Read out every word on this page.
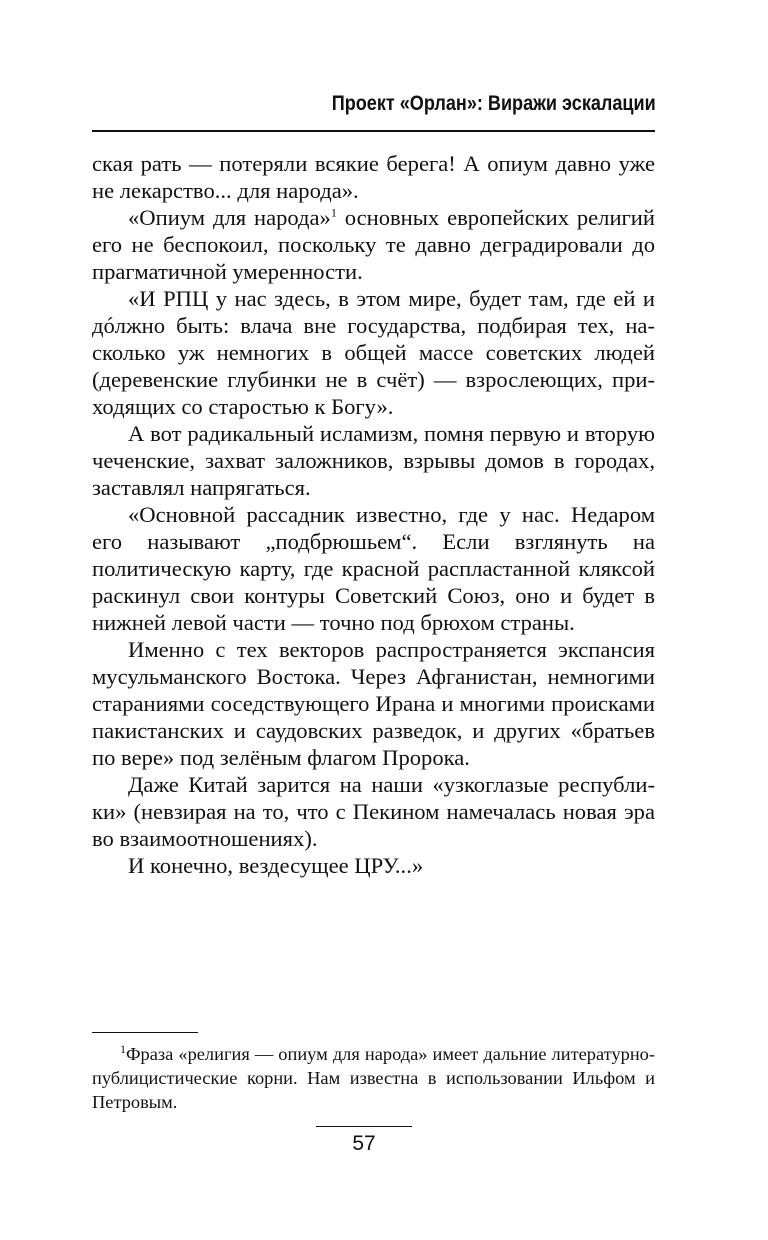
Проект «Орлан»: Виражи эскалации

ская рать — потеряли всякие берега! А опиум давно уже не лекарство... для народа».

«Опиум для народа»$^1$ основных европейских религий его не беспокоил, поскольку те давно деградировали до прагматичной умеренности.

«И РПЦ у нас здесь, в этом мире, будет там, где ей и дóлжно быть: влача вне государства, подбирая тех, насколько уж немногих в общей массе советских людей (деревенские глубинки не в счёт) — взрослеющих, приходящих со старостью к Богу».

А вот радикальный исламизм, помня первую и вторую чеченские, захват заложников, взрывы домов в городах, заставлял напрягаться.

«Основной рассадник известно, где у нас. Недаром его называют „подбрюшьем“. Если взглянуть на политическую карту, где красной распластанной кляксой раскинул свои контуры Советский Союз, оно и будет в нижней левой части — точно под брюхом страны.

Именно с тех векторов распространяется экспансия мусульманского Востока. Через Афганистан, немногими стараниями соседствующего Ирана и многими происками пакистанских и саудовских разведок, и других «братьев по вере» под зелёным флагом Пророка.

Даже Китай зарится на наши «узкоглазые республики» (невзирая на то, что с Пекином намечалась новая эра во взаимоотношениях).

И конечно, вездесущее ЦРУ...»

$^1$Фраза «религия — опиум для народа» имеет дальние литературно-публицистические корни. Нам известна в использовании Ильфом и Петровым.

57
